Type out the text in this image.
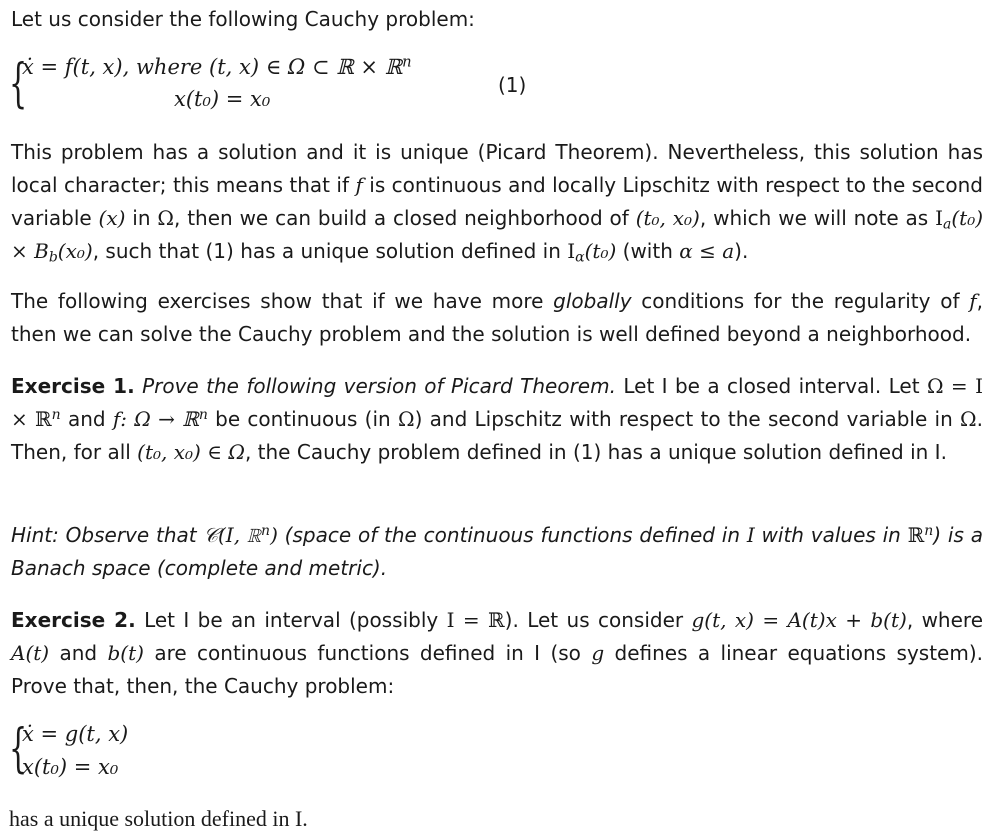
Let us consider the following Cauchy problem:

{
ẋ = f(t, x), where (t, x) ∈ Ω ⊂ ℝ × ℝ$^n$
x(t₀) = x₀
(1)

This problem has a solution and it is unique (Picard Theorem). Nevertheless, this solution has local character; this means that if f is continuous and locally Lipschitz with respect to the second variable (x) in Ω, then we can build a closed neighborhood of (t₀, x₀), which we will note as $I_a(t_0) \times B_b(x_0)$, such that (1) has a unique solution defined in $I_\alpha(t_0)$ (with α ≤ a).

The following exercises show that if we have more globally conditions for the regularity of f, then we can solve the Cauchy problem and the solution is well defined beyond a neighborhood.

Exercise 1. Prove the following version of Picard Theorem. Let I be a closed interval. Let Ω = I × ℝ$^n$ and f: Ω → ℝ$^n$ be continuous (in Ω) and Lipschitz with respect to the second variable in Ω. Then, for all (t₀, x₀) ∈ Ω, the Cauchy problem defined in (1) has a unique solution defined in I.

Hint: Observe that 𝒞(I, ℝ$^n$) (space of the continuous functions defined in I with values in ℝ$^n$) is a Banach space (complete and metric).

Exercise 2. Let I be an interval (possibly I = ℝ). Let us consider g(t, x) = A(t)x + b(t), where A(t) and b(t) are continuous functions defined in I (so g defines a linear equations system). Prove that, then, the Cauchy problem:

{
ẋ = g(t, x)
x(t₀) = x₀
has a unique solution defined in I.
